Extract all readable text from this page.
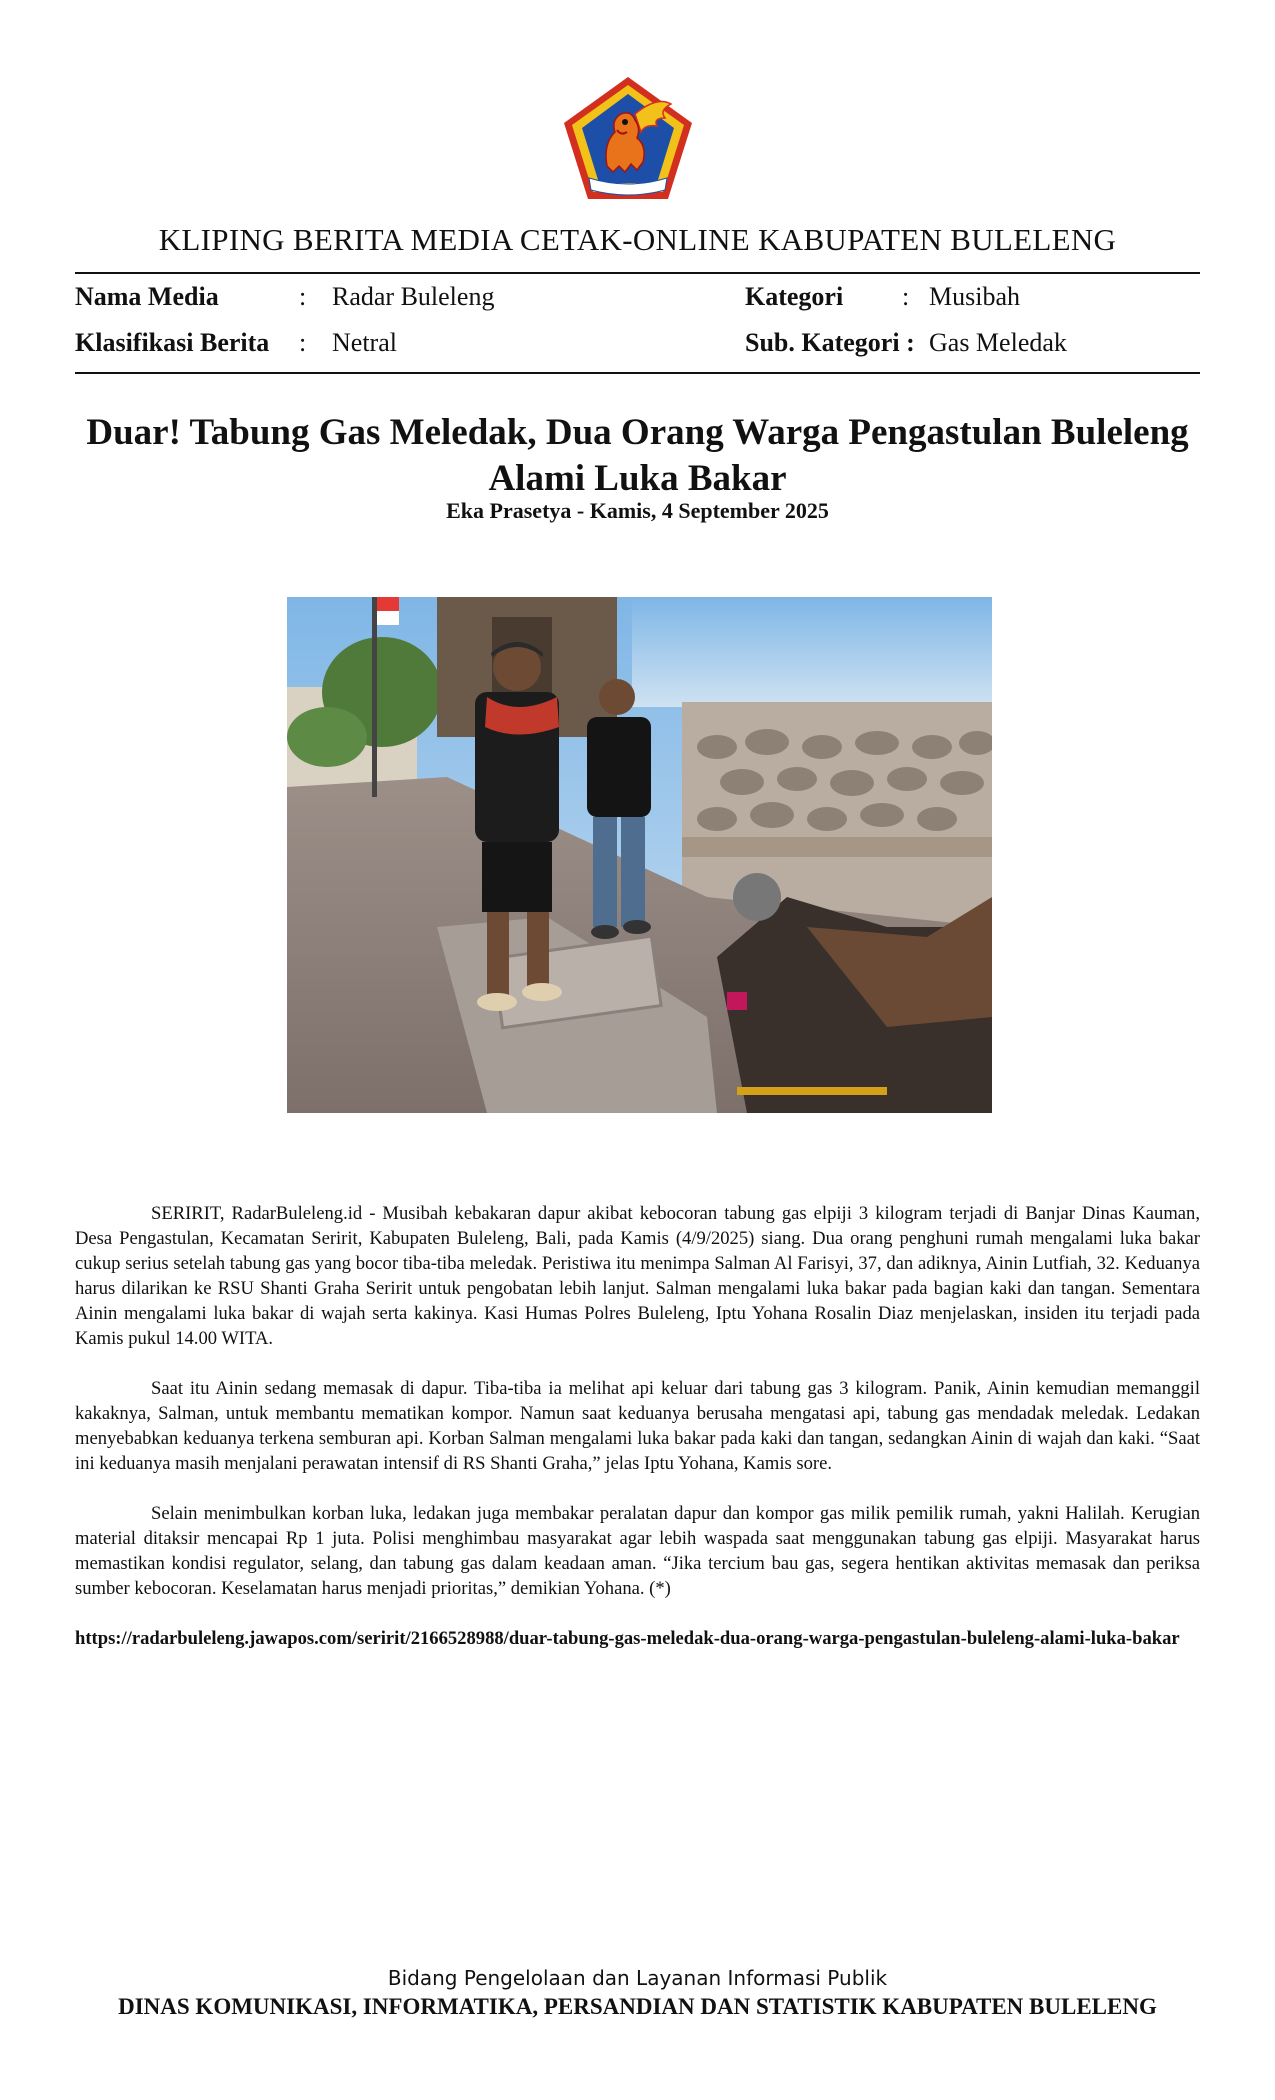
KLIPING BERITA MEDIA CETAK-ONLINE KABUPATEN BULELENG
Nama Media	: Radar Buleleng	Kategori : Musibah
Klasifikasi Berita : Netral	Sub. Kategori : Gas Meledak
Duar! Tabung Gas Meledak, Dua Orang Warga Pengastulan Buleleng
Alami Luka Bakar
Eka Prasetya - Kamis, 4 September 2025

SERIRIT, RadarBuleleng.id - Musibah kebakaran dapur akibat kebocoran tabung gas elpiji 3 kilogram terjadi di Banjar Dinas Kauman, Desa Pengastulan, Kecamatan Seririt, Kabupaten Buleleng, Bali, pada Kamis (4/9/2025) siang. Dua orang penghuni rumah mengalami luka bakar cukup serius setelah tabung gas yang bocor tiba-tiba meledak. Peristiwa itu menimpa Salman Al Farisyi, 37, dan adiknya, Ainin Lutfiah, 32. Keduanya harus dilarikan ke RSU Shanti Graha Seririt untuk pengobatan lebih lanjut. Salman mengalami luka bakar pada bagian kaki dan tangan. Sementara Ainin mengalami luka bakar di wajah serta kakinya. Kasi Humas Polres Buleleng, Iptu Yohana Rosalin Diaz menjelaskan, insiden itu terjadi pada Kamis pukul 14.00 WITA.

Saat itu Ainin sedang memasak di dapur. Tiba-tiba ia melihat api keluar dari tabung gas 3 kilogram. Panik, Ainin kemudian memanggil kakaknya, Salman, untuk membantu mematikan kompor. Namun saat keduanya berusaha mengatasi api, tabung gas mendadak meledak. Ledakan menyebabkan keduanya terkena semburan api. Korban Salman mengalami luka bakar pada kaki dan tangan, sedangkan Ainin di wajah dan kaki. “Saat ini keduanya masih menjalani perawatan intensif di RS Shanti Graha,” jelas Iptu Yohana, Kamis sore.

Selain menimbulkan korban luka, ledakan juga membakar peralatan dapur dan kompor gas milik pemilik rumah, yakni Halilah. Kerugian material ditaksir mencapai Rp 1 juta. Polisi menghimbau masyarakat agar lebih waspada saat menggunakan tabung gas elpiji. Masyarakat harus memastikan kondisi regulator, selang, dan tabung gas dalam keadaan aman. “Jika tercium bau gas, segera hentikan aktivitas memasak dan periksa sumber kebocoran. Keselamatan harus menjadi prioritas,” demikian Yohana. (*)

https://radarbuleleng.jawapos.com/seririt/2166528988/duar-tabung-gas-meledak-dua-orang-warga-pengastulan-buleleng-alami-luka-bakar

Bidang Pengelolaan dan Layanan Informasi Publik
DINAS KOMUNIKASI, INFORMATIKA, PERSANDIAN DAN STATISTIK KABUPATEN BULELENG
